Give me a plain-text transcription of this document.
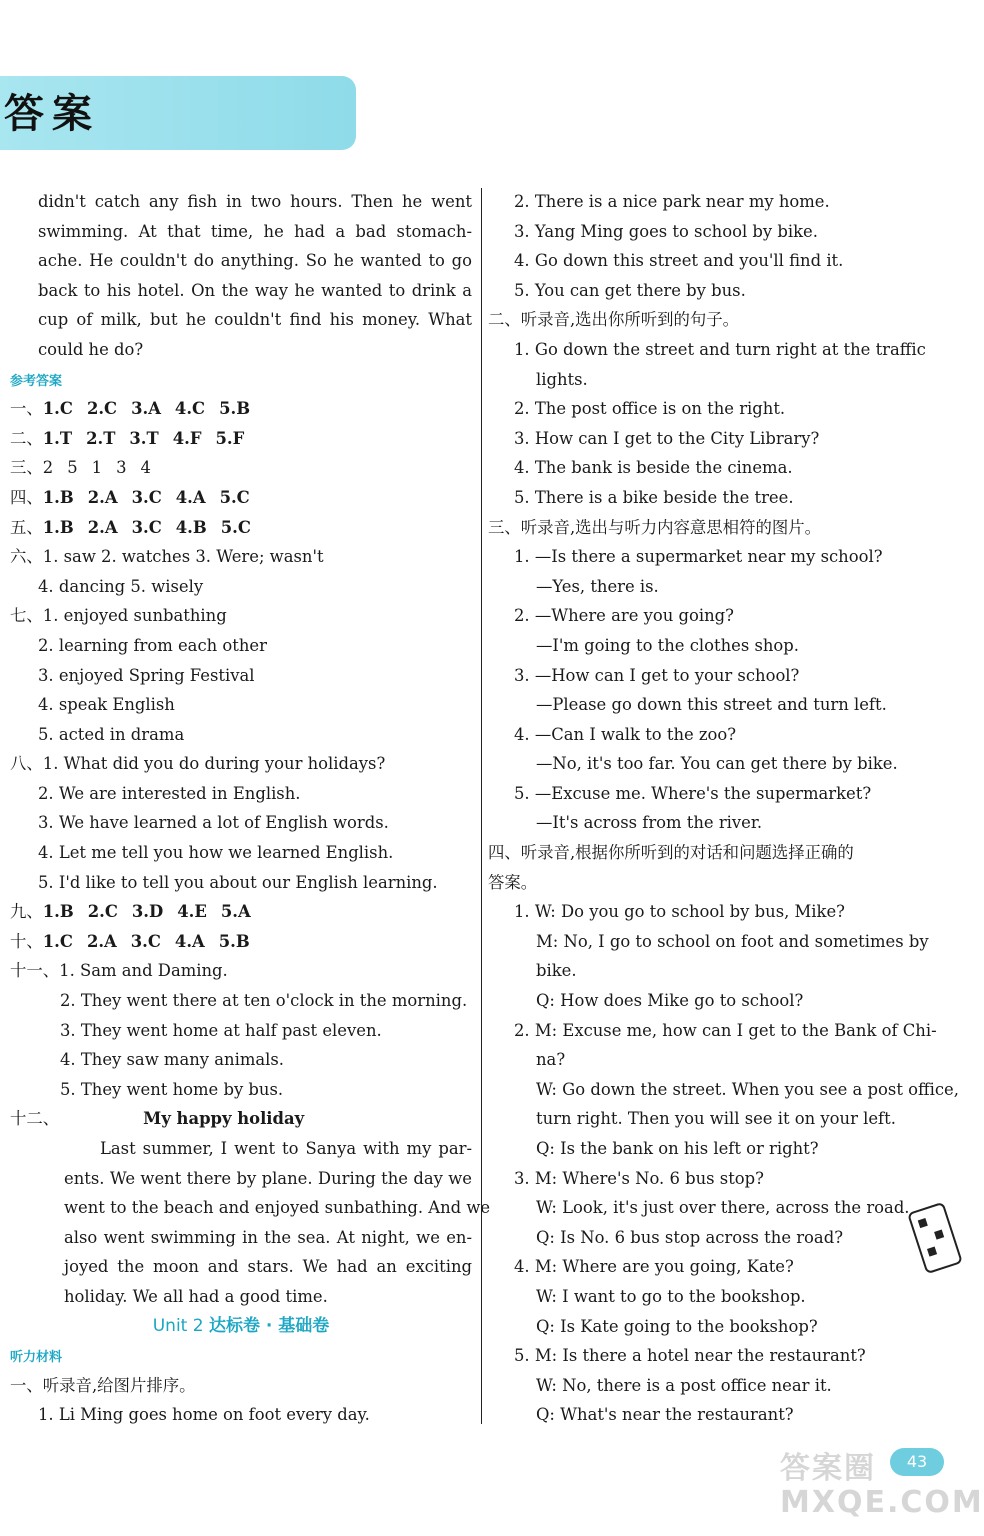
答案
didn't catch any fish in two hours. Then he went
swimming. At that time, he had a bad stomach-
ache. He couldn't do anything. So he wanted to go
back to his hotel. On the way he wanted to drink a
cup of milk, but he couldn't find his money. What
could he do?
参考答案
一、1.C 2.C 3.A 4.C 5.B
二、1.T 2.T 3.T 4.F 5.F
三、2 5 1 3 4
四、1.B 2.A 3.C 4.A 5.C
五、1.B 2.A 3.C 4.B 5.C
六、1. saw 2. watches 3. Were; wasn't
4. dancing 5. wisely
七、1. enjoyed sunbathing
2. learning from each other
3. enjoyed Spring Festival
4. speak English
5. acted in drama
八、1. What did you do during your holidays?
2. We are interested in English.
3. We have learned a lot of English words.
4. Let me tell you how we learned English.
5. I'd like to tell you about our English learning.
九、1.B 2.C 3.D 4.E 5.A
十、1.C 2.A 3.C 4.A 5.B
十一、1. Sam and Daming.
2. They went there at ten o'clock in the morning.
3. They went home at half past eleven.
4. They saw many animals.
5. They went home by bus.
十二、	My happy holiday
Last summer, I went to Sanya with my par-
ents. We went there by plane. During the day we
went to the beach and enjoyed sunbathing. And we
also went swimming in the sea. At night, we en-
joyed the moon and stars. We had an exciting
holiday. We all had a good time.
Unit 2 达标卷 · 基础卷
听力材料
一、听录音,给图片排序。
1. Li Ming goes home on foot every day.
2. There is a nice park near my home.
3. Yang Ming goes to school by bike.
4. Go down this street and you'll find it.
5. You can get there by bus.
二、听录音,选出你所听到的句子。
1. Go down the street and turn right at the traffic
lights.
2. The post office is on the right.
3. How can I get to the City Library?
4. The bank is beside the cinema.
5. There is a bike beside the tree.
三、听录音,选出与听力内容意思相符的图片。
1. —Is there a supermarket near my school?
—Yes, there is.
2. —Where are you going?
—I'm going to the clothes shop.
3. —How can I get to your school?
—Please go down this street and turn left.
4. —Can I walk to the zoo?
—No, it's too far. You can get there by bike.
5. —Excuse me. Where's the supermarket?
—It's across from the river.
四、听录音,根据你所听到的对话和问题选择正确的
答案。
1. W: Do you go to school by bus, Mike?
M: No, I go to school on foot and sometimes by
bike.
Q: How does Mike go to school?
2. M: Excuse me, how can I get to the Bank of Chi-
na?
W: Go down the street. When you see a post office,
turn right. Then you will see it on your left.
Q: Is the bank on his left or right?
3. M: Where's No. 6 bus stop?
W: Look, it's just over there, across the road.
Q: Is No. 6 bus stop across the road?
4. M: Where are you going, Kate?
W: I want to go to the bookshop.
Q: Is Kate going to the bookshop?
5. M: Is there a hotel near the restaurant?
W: No, there is a post office near it.
Q: What's near the restaurant?
答案圈
MXQE.COM
43
